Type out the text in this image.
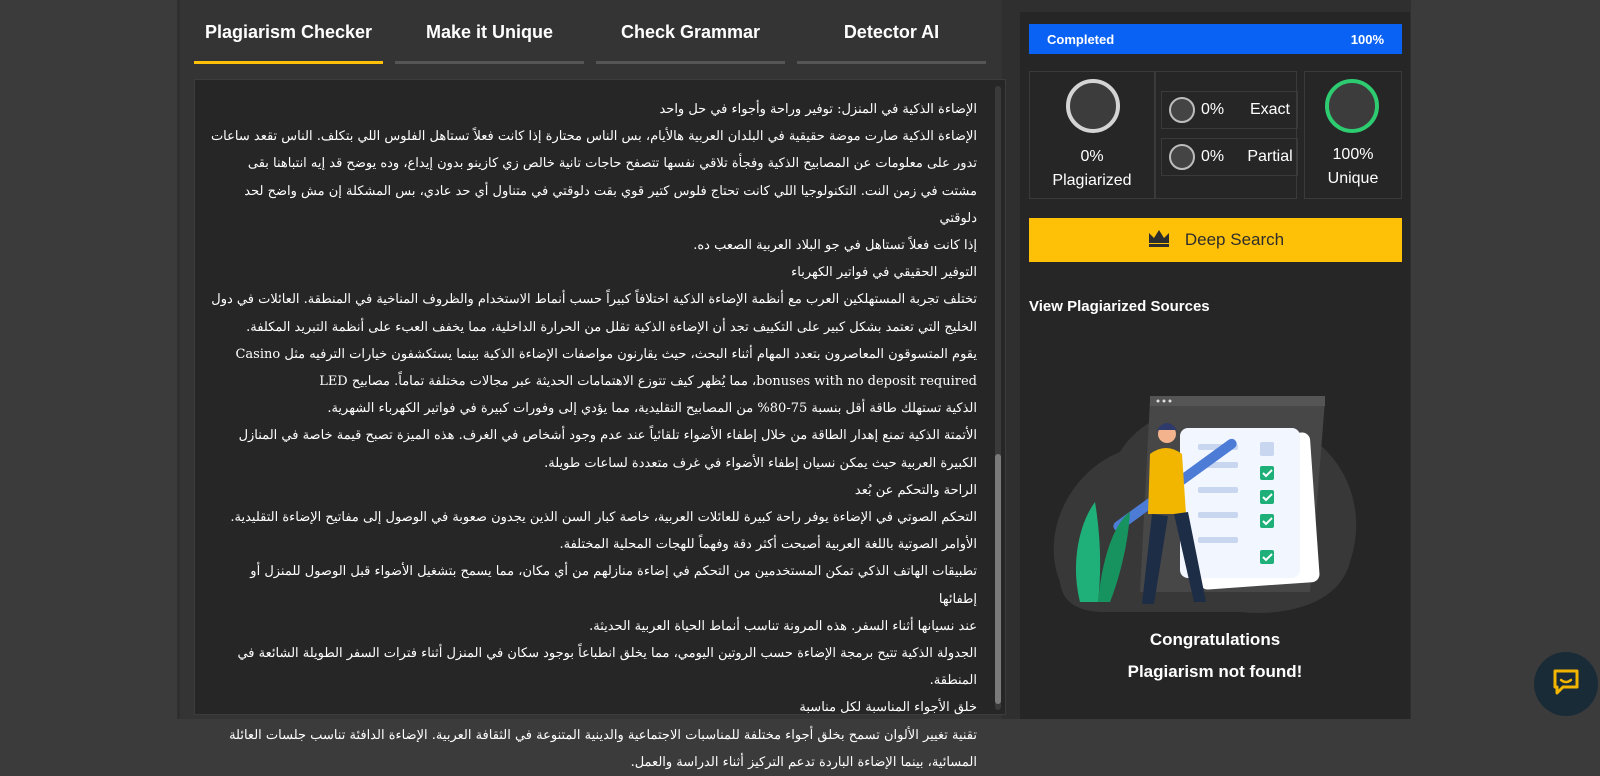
Plagiarism Checker	Make it Unique	Check Grammar	Detector AI

الإضاءة الذكية في المنزل: توفير وراحة وأجواء في حل واحد

الإضاءة الذكية صارت موضة حقيقية في البلدان العربية هالأيام، بس الناس محتارة إذا كانت فعلاً تستاهل الفلوس اللي بتكلف. الناس تقعد ساعات

تدور على معلومات عن المصابيح الذكية وفجأة تلاقي نفسها تتصفح حاجات تانية خالص زي كازينو بدون إيداع، وده يوضح قد إيه انتباهنا بقى

مشتت في زمن النت. التكنولوجيا اللي كانت تحتاج فلوس كتير قوي بقت دلوقتي في متناول أي حد عادي، بس المشكلة إن مش واضح لحد دلوقتي

إذا كانت فعلاً تستاهل في جو البلاد العربية الصعب ده.

التوفير الحقيقي في فواتير الكهرباء

تختلف تجربة المستهلكين العرب مع أنظمة الإضاءة الذكية اختلافاً كبيراً حسب أنماط الاستخدام والظروف المناخية في المنطقة. العائلات في دول

الخليج التي تعتمد بشكل كبير على التكييف تجد أن الإضاءة الذكية تقلل من الحرارة الداخلية، مما يخفف العبء على أنظمة التبريد المكلفة.

يقوم المتسوقون المعاصرون بتعدد المهام أثناء البحث، حيث يقارنون مواصفات الإضاءة الذكية بينما يستكشفون خيارات الترفيه مثل Casino

bonuses with no deposit required، مما يُظهر كيف تتوزع الاهتمامات الحديثة عبر مجالات مختلفة تماماً. مصابيح LED

الذكية تستهلك طاقة أقل بنسبة 75-80% من المصابيح التقليدية، مما يؤدي إلى وفورات كبيرة في فواتير الكهرباء الشهرية.

الأتمتة الذكية تمنع إهدار الطاقة من خلال إطفاء الأضواء تلقائياً عند عدم وجود أشخاص في الغرف. هذه الميزة تصبح قيمة خاصة في المنازل

الكبيرة العربية حيث يمكن نسيان إطفاء الأضواء في غرف متعددة لساعات طويلة.

الراحة والتحكم عن بُعد

التحكم الصوتي في الإضاءة يوفر راحة كبيرة للعائلات العربية، خاصة كبار السن الذين يجدون صعوبة في الوصول إلى مفاتيح الإضاءة التقليدية.

الأوامر الصوتية باللغة العربية أصبحت أكثر دقة وفهماً للهجات المحلية المختلفة.

تطبيقات الهاتف الذكي تمكن المستخدمين من التحكم في إضاءة منازلهم من أي مكان، مما يسمح بتشغيل الأضواء قبل الوصول للمنزل أو إطفائها

عند نسيانها أثناء السفر. هذه المرونة تناسب أنماط الحياة العربية الحديثة.

الجدولة الذكية تتيح برمجة الإضاءة حسب الروتين اليومي، مما يخلق انطباعاً بوجود سكان في المنزل أثناء فترات السفر الطويلة الشائعة في

المنطقة.

خلق الأجواء المناسبة لكل مناسبة

تقنية تغيير الألوان تسمح بخلق أجواء مختلفة للمناسبات الاجتماعية والدينية المتنوعة في الثقافة العربية. الإضاءة الدافئة تناسب جلسات العائلة

المسائية، بينما الإضاءة الباردة تدعم التركيز أثناء الدراسة والعمل.

Completed	100%
0%
Plagiarized
0%	Exact
0%	Partial	100%
Unique
Deep Search
View Plagiarized Sources
Congratulations
Plagiarism not found!
